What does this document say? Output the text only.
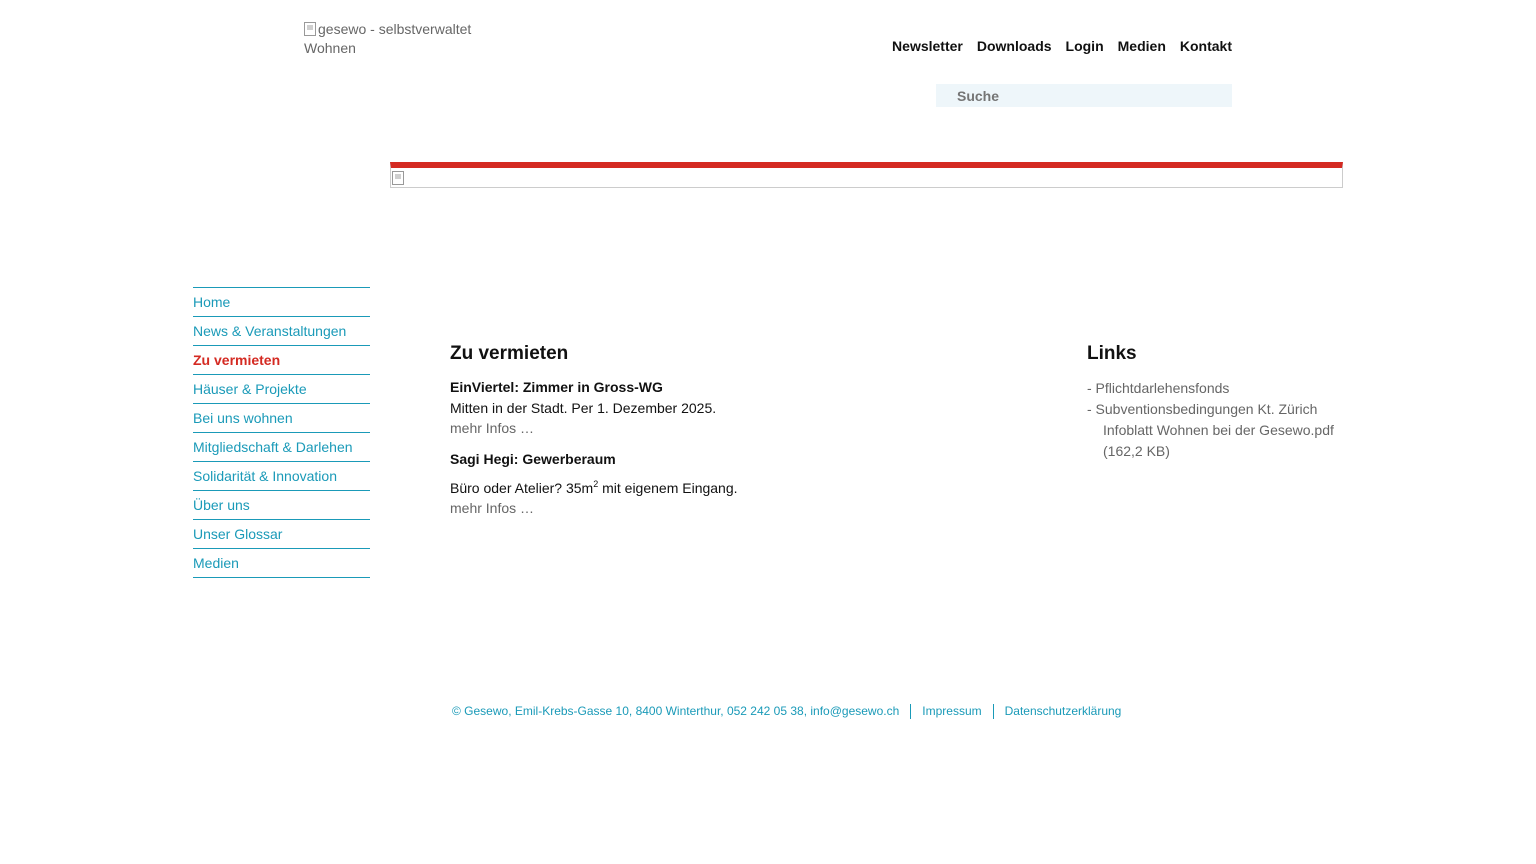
gesewo - selbstverwaltet Wohnen	Newsletter Downloads Login Medien Kontakt
Suche
Home
News & Veranstaltungen
Zu vermieten
Häuser & Projekte
Bei uns wohnen
Mitgliedschaft & Darlehen
Solidarität & Innovation
Über uns
Unser Glossar
Medien
Zu vermieten
EinViertel: Zimmer in Gross-WG
Mitten in der Stadt. Per 1. Dezember 2025.
mehr Infos …
Sagi Hegi: Gewerberaum
Büro oder Atelier? $35m^2$ mit eigenem Eingang.
mehr Infos …
Links
- Pflichtdarlehensfonds
- Subventionsbedingungen Kt. Zürich
Infoblatt Wohnen bei der Gesewo.pdf (162,2 KB)
© Gesewo, Emil-Krebs-Gasse 10, 8400 Winterthur, 052 242 05 38, info@gesewo.ch Impressum Datenschutzerklärung
